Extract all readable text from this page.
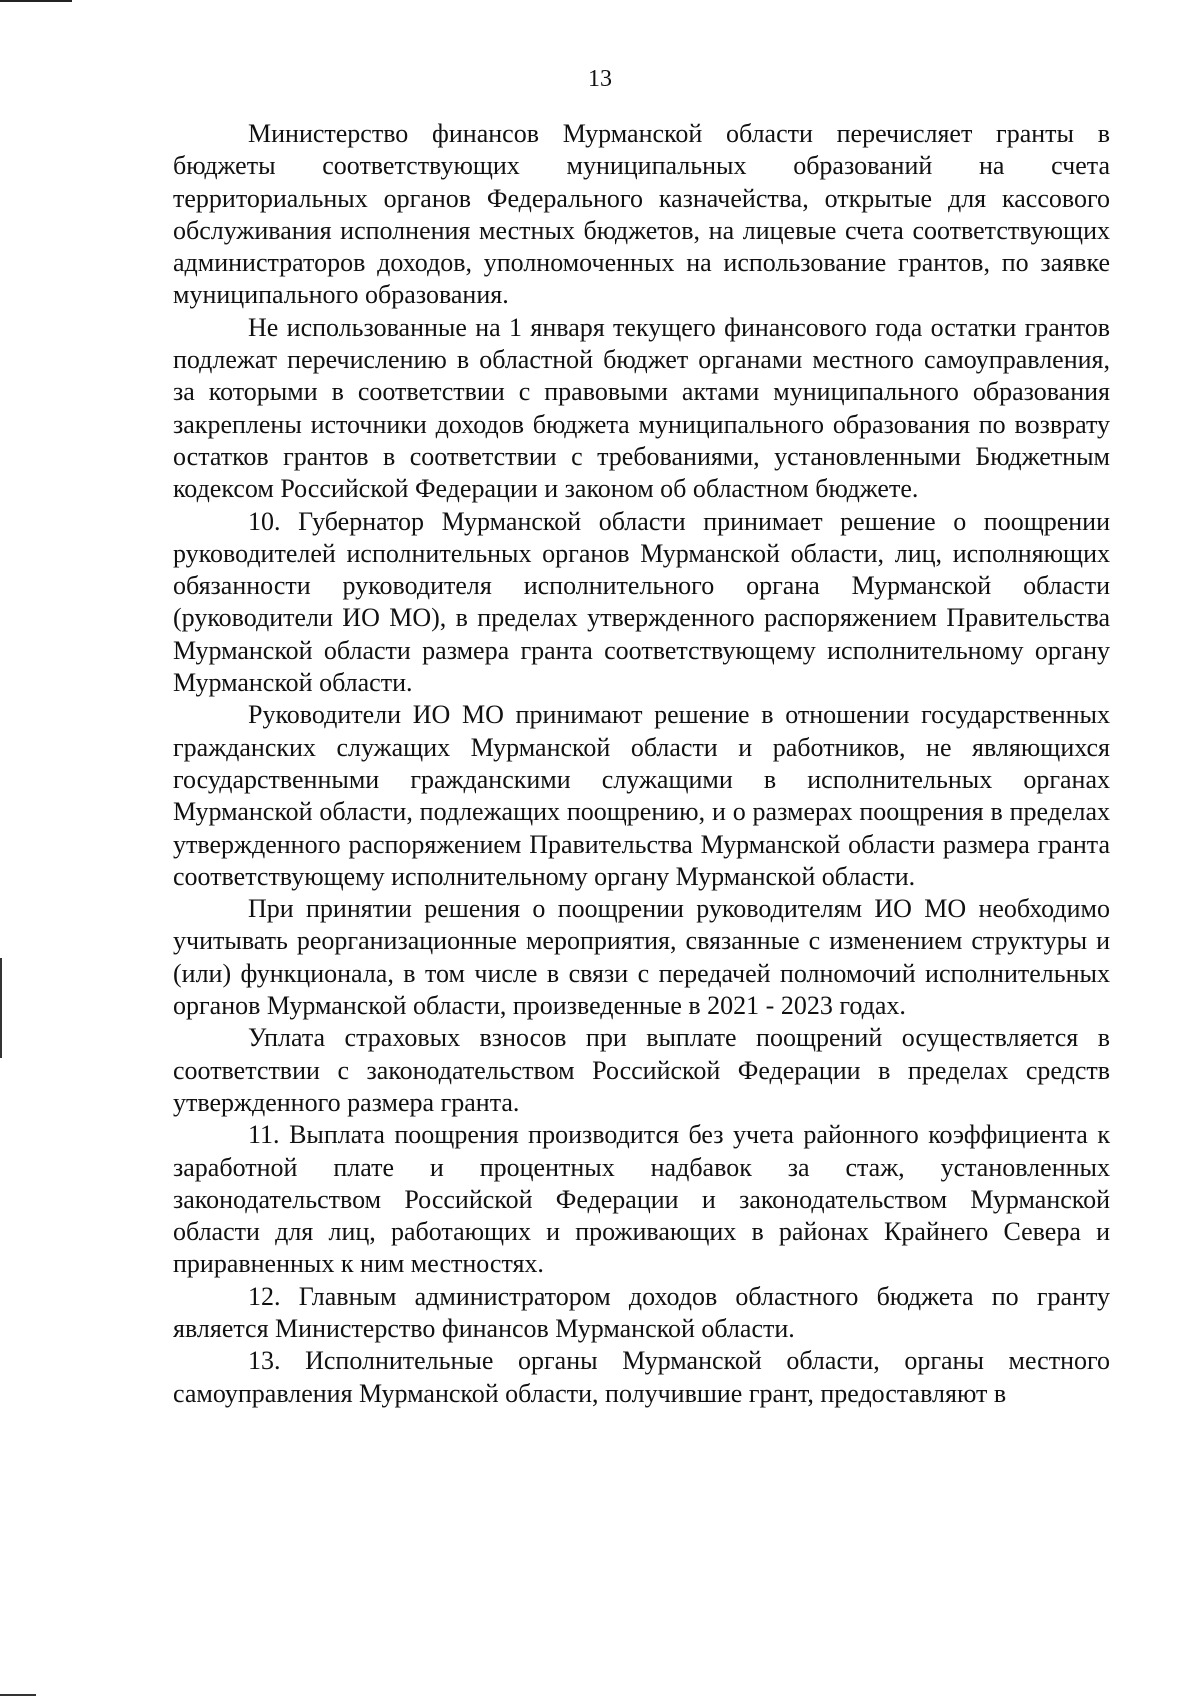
13

Министерство финансов Мурманской области перечисляет гранты в бюджеты соответствующих муниципальных образований на счета территориальных органов Федерального казначейства, открытые для кассового обслуживания исполнения местных бюджетов, на лицевые счета соответствующих администраторов доходов, уполномоченных на использование грантов, по заявке муниципального образования.

Не использованные на 1 января текущего финансового года остатки грантов подлежат перечислению в областной бюджет органами местного самоуправления, за которыми в соответствии с правовыми актами муниципального образования закреплены источники доходов бюджета муниципального образования по возврату остатков грантов в соответствии с требованиями, установленными Бюджетным кодексом Российской Федерации и законом об областном бюджете.

10. Губернатор Мурманской области принимает решение о поощрении руководителей исполнительных органов Мурманской области, лиц, исполняющих обязанности руководителя исполнительного органа Мурманской области (руководители ИО МО), в пределах утвержденного распоряжением Правительства Мурманской области размера гранта соответствующему исполнительному органу Мурманской области.

Руководители ИО МО принимают решение в отношении государственных гражданских служащих Мурманской области и работников, не являющихся государственными гражданскими служащими в исполнительных органах Мурманской области, подлежащих поощрению, и о размерах поощрения в пределах утвержденного распоряжением Правительства Мурманской области размера гранта соответствующему исполнительному органу Мурманской области.

При принятии решения о поощрении руководителям ИО МО необходимо учитывать реорганизационные мероприятия, связанные с изменением структуры и (или) функционала, в том числе в связи с передачей полномочий исполнительных органов Мурманской области, произведенные в 2021 - 2023 годах.

Уплата страховых взносов при выплате поощрений осуществляется в соответствии с законодательством Российской Федерации в пределах средств утвержденного размера гранта.

11. Выплата поощрения производится без учета районного коэффициента к заработной плате и процентных надбавок за стаж, установленных законодательством Российской Федерации и законодательством Мурманской области для лиц, работающих и проживающих в районах Крайнего Севера и приравненных к ним местностях.

12. Главным администратором доходов областного бюджета по гранту является Министерство финансов Мурманской области.

13. Исполнительные органы Мурманской области, органы местного самоуправления Мурманской области, получившие грант, предоставляют в
